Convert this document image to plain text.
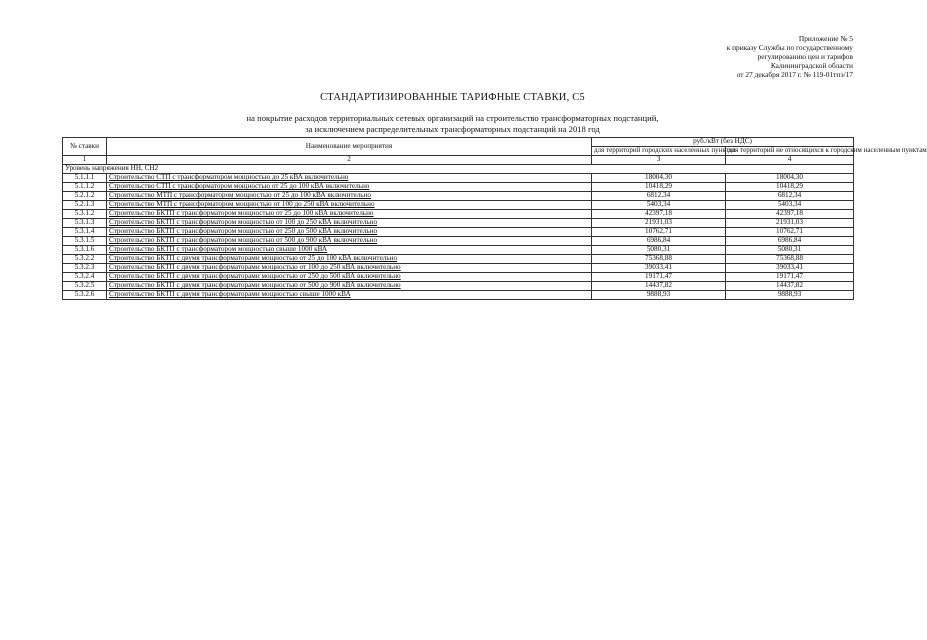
Приложение № 5
к приказу Службы по государственному
регулированию цен и тарифов
Калининградской области
от 27 декабря 2017 г. № 119-01тпэ/17
СТАНДАРТИЗИРОВАННЫЕ ТАРИФНЫЕ СТАВКИ, С5
на покрытие расходов территориальных сетевых организаций на строительство трансформаторных подстанций,
за исключением распределительных трансформаторных подстанций на 2018 год
№ ставки	Наименование мероприятия	руб./кВт (без НДС)	
		для территорий городских населенных пунктов	для территорий не относящихся к городским населенным пунктам
1	2	3	4
Уровень напряжения НН, СН2			
5.1.1.1	Строительство СТП с трансформатором мощностью до 25 кВА включительно	18004,30	18004,30
5.1.1.2	Строительство СТП с трансформатором мощностью от 25 до 100 кВА включительно	10418,29	10418,29
5.2.1.2	Строительство МТП с трансформатором мощностью от 25 до 100 кВА включительно	6812,34	6812,34
5.2.1.3	Строительство МТП с трансформатором мощностью от 100 до 250 кВА включительно	5403,34	5403,34
5.3.1.2	Строительство БКТП с трансформатором мощностью от 25 до 100 кВА включительно	42397,18	42397,18
5.3.1.3	Строительство БКТП с трансформатором мощностью от 100 до 250 кВА включительно	21931,03	21931,03
5.3.1.4	Строительство БКТП с трансформатором мощностью от 250 до 500 кВА включительно	10762,71	10762,71
5.3.1.5	Строительство БКТП с трансформатором мощностью от 500 до 900 кВА включительно	6986,84	6986,84
5.3.1.6	Строительство БКТП с трансформатором мощностью свыше 1000 кВА	5080,31	5080,31
5.3.2.2	Строительство БКТП с двумя трансформаторами мощностью от 25 до 100 кВА включительно	75368,88	75368,88
5.3.2.3	Строительство БКТП с двумя трансформаторами мощностью от 100 до 250 кВА включительно	39033,41	39033,41
5.3.2.4	Строительство БКТП с двумя трансформаторами мощностью от 250 до 500 кВА включительно	19171,47	19171,47
5.3.2.5	Строительство БКТП с двумя трансформаторами мощностью от 500 до 900 кВА включительно	14437,82	14437,82
5.3.2.6	Строительство БКТП с двумя трансформаторами мощностью свыше 1000 кВА	9888,93	9888,93
